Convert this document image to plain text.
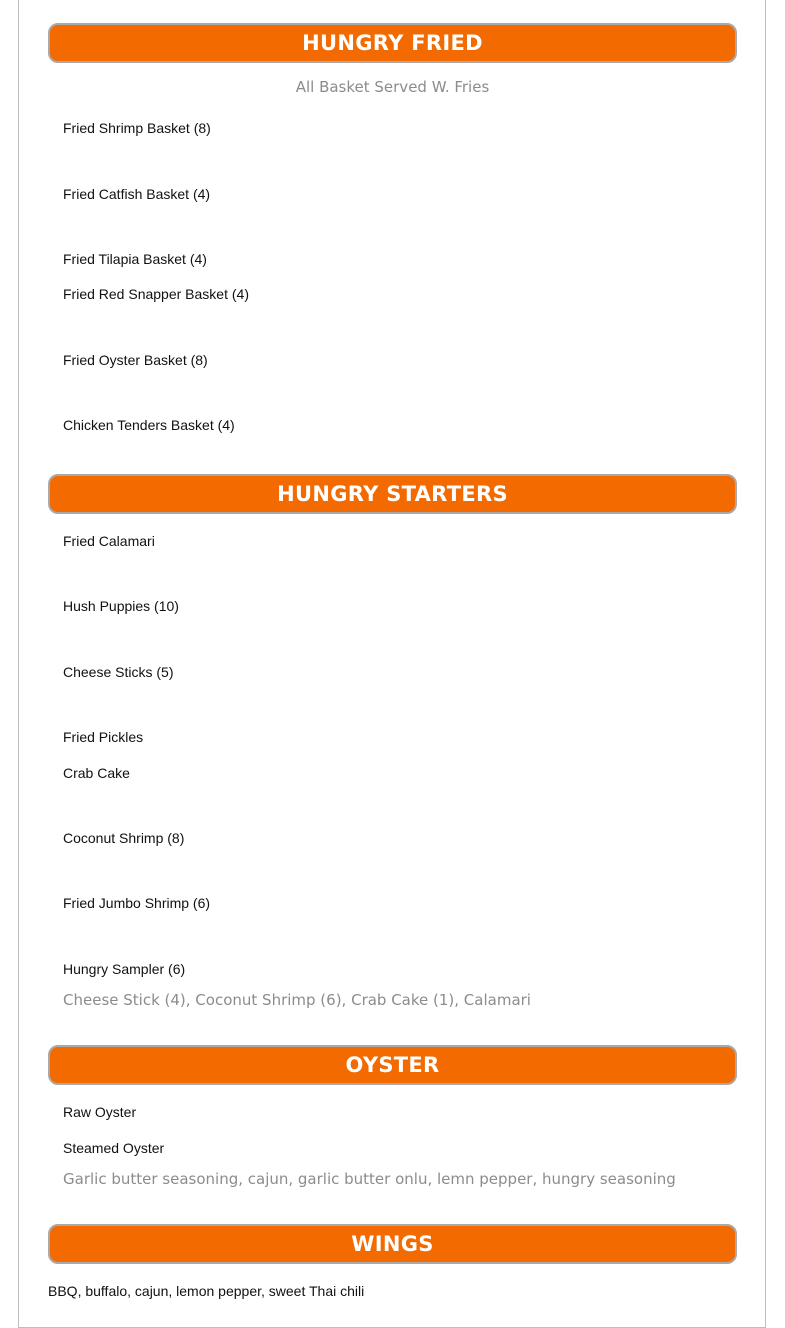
HUNGRY FRIED
All Basket Served W. Fries
Fried Shrimp Basket (8)
Fried Catfish Basket (4)
Fried Tilapia Basket (4)
Fried Red Snapper Basket (4)
Fried Oyster Basket (8)
Chicken Tenders Basket (4)
HUNGRY STARTERS
Fried Calamari
Hush Puppies (10)
Cheese Sticks (5)
Fried Pickles
Crab Cake
Coconut Shrimp (8)
Fried Jumbo Shrimp (6)
Hungry Sampler (6)
Cheese Stick (4), Coconut Shrimp (6), Crab Cake (1), Calamari
OYSTER
Raw Oyster
Steamed Oyster
Garlic butter seasoning, cajun, garlic butter onlu, lemn pepper, hungry seasoning
WINGS
BBQ, buffalo, cajun, lemon pepper, sweet Thai chili
